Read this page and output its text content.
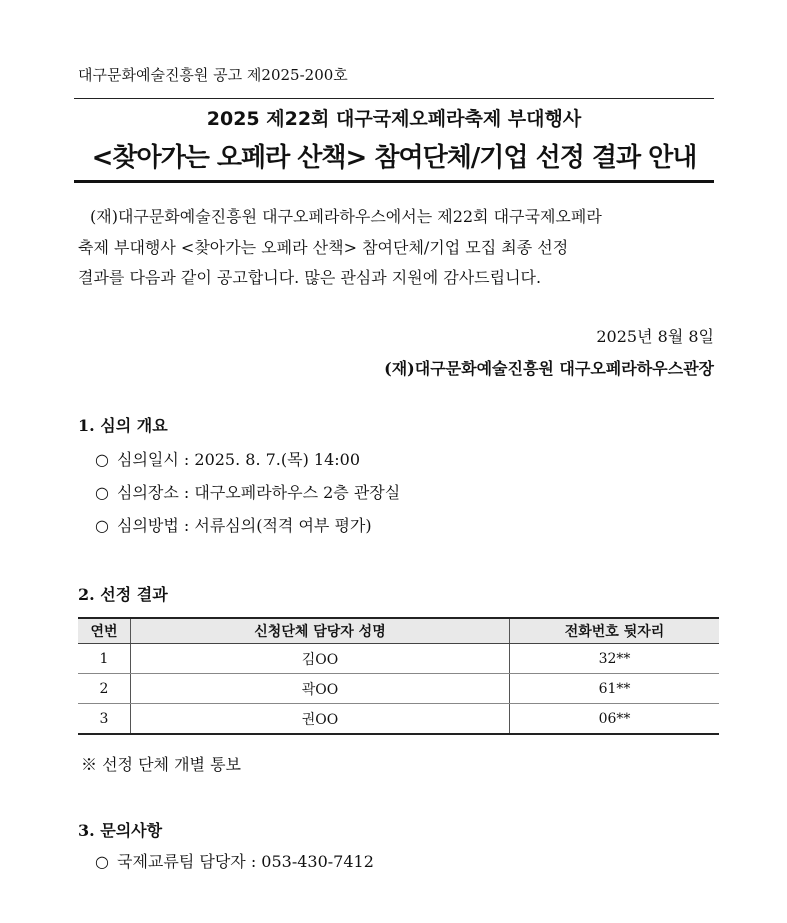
대구문화예술진흥원 공고 제2025-200호
2025 제22회 대구국제오페라축제 부대행사
<찾아가는 오페라 산책> 참여단체/기업 선정 결과 안내
(재)대구문화예술진흥원 대구오페라하우스에서는 제22회 대구국제오페라
축제 부대행사 <찾아가는 오페라 산책> 참여단체/기업 모집 최종 선정
결과를 다음과 같이 공고합니다. 많은 관심과 지원에 감사드립니다.
2025년 8월 8일
(재)대구문화예술진흥원 대구오페라하우스관장
1. 심의 개요
○ 심의일시 : 2025. 8. 7.(목) 14:00
○ 심의장소 : 대구오페라하우스 2층 관장실
○ 심의방법 : 서류심의(적격 여부 평가)
2. 선정 결과
연번	신청단체 담당자 성명	전화번호 뒷자리
1	김OO	32**
2	곽OO	61**
3	권OO	06**
※ 선정 단체 개별 통보
3. 문의사항
○ 국제교류팀 담당자 : 053-430-7412
